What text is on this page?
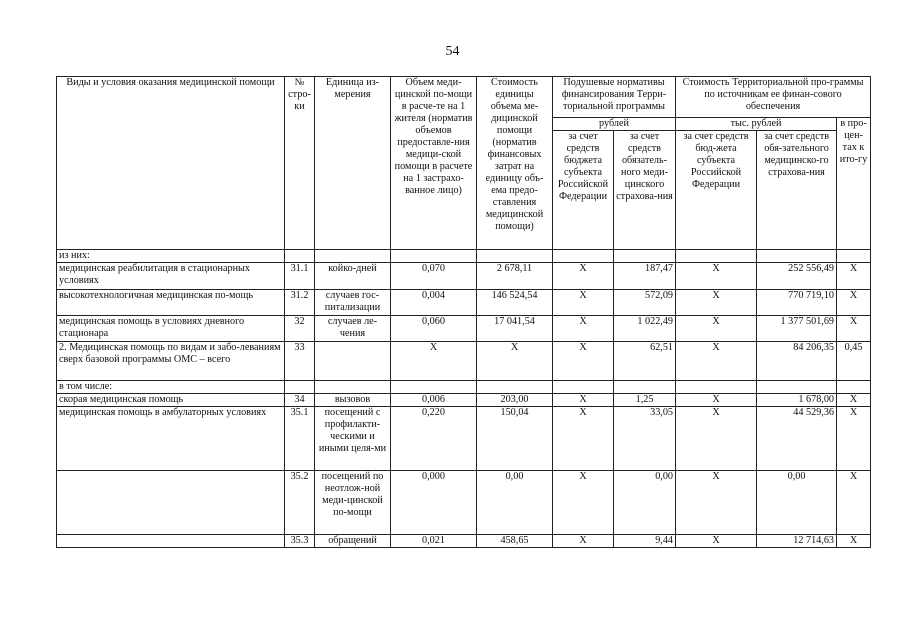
54
Виды и условия оказания медицинской помощи	№ стро-ки	Единица из-мерения	Объем меди-цинской по-мощи в расче-те на 1 жителя (норматив объемов предоставле-ния медици-ской помощи в расчете на 1 застрахо-ванное лицо)	Стоимость единицы объема ме-дицинской помощи (норматив финансовых затрат на единицу объ-ема предо-ставления медицинской помощи)	Подушевые нормативы финансирования Терри-ториальной программы		Стоимость Территориальной про-граммы по источникам ее финан-сового обеспечения		
					рублей		тыс. рублей		в про-цен-тах к ито-гу
					за счет средств бюджета субъекта Российской Федерации	за счет средств обязатель-ного меди-цинского страхова-ния	за счет средств бюд-жета субъекта Российской Федерации	за счет средств обя-зательного медицинско-го страхова-ния	
из них:									
медицинская реабилитация в стационарных условиях	31.1	койко-дней	0,070	2 678,11	X	187,47	X	252 556,49	X
высокотехнологичная медицинская по-мощь	31.2	случаев гос-питализации	0,004	146 524,54	X	572,09	X	770 719,10	X
медицинская помощь в условиях дневного стационара	32	случаев ле-чения	0,060	17 041,54	X	1 022,49	X	1 377 501,69	X
2. Медицинская помощь по видам и забо-леваниям сверх базовой программы ОМС – всего	33		X	X	X	62,51	X	84 206,35	0,45
в том числе:									
скорая медицинская помощь	34	вызовов	0,006	203,00	X	1,25	X	1 678,00	X
медицинская помощь в амбулаторных условиях	35.1	посещений с профилакти-ческими и иными целя-ми	0,220	150,04	X	33,05	X	44 529,36	X
	35.2	посещений по неотлож-ной меди-цинской по-мощи	0,000	0,00	X	0,00	X	0,00	X
	35.3	обращений	0,021	458,65	X	9,44	X	12 714,63	X
